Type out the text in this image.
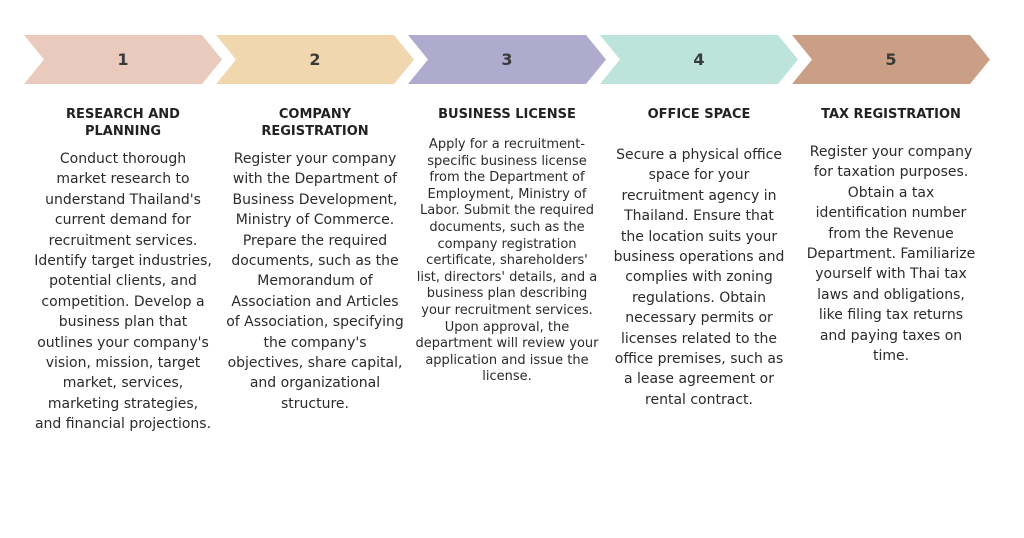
1	2	3	4	5

RESEARCH AND PLANNING

Conduct thorough market research to understand Thailand's current demand for recruitment services. Identify target industries, potential clients, and competition. Develop a business plan that outlines your company's vision, mission, target market, services, marketing strategies, and financial projections.

COMPANY REGISTRATION

Register your company with the Department of Business Development, Ministry of Commerce. Prepare the required documents, such as the Memorandum of Association and Articles of Association, specifying the company's objectives, share capital, and organizational structure.

BUSINESS LICENSE

Apply for a recruitment-specific business license from the Department of Employment, Ministry of Labor. Submit the required documents, such as the company registration certificate, shareholders' list, directors' details, and a business plan describing your recruitment services. Upon approval, the department will review your application and issue the license.

OFFICE SPACE

Secure a physical office space for your recruitment agency in Thailand. Ensure that the location suits your business operations and complies with zoning regulations. Obtain necessary permits or licenses related to the office premises, such as a lease agreement or rental contract.

TAX REGISTRATION

Register your company for taxation purposes. Obtain a tax identification number from the Revenue Department. Familiarize yourself with Thai tax laws and obligations, like filing tax returns and paying taxes on time.
